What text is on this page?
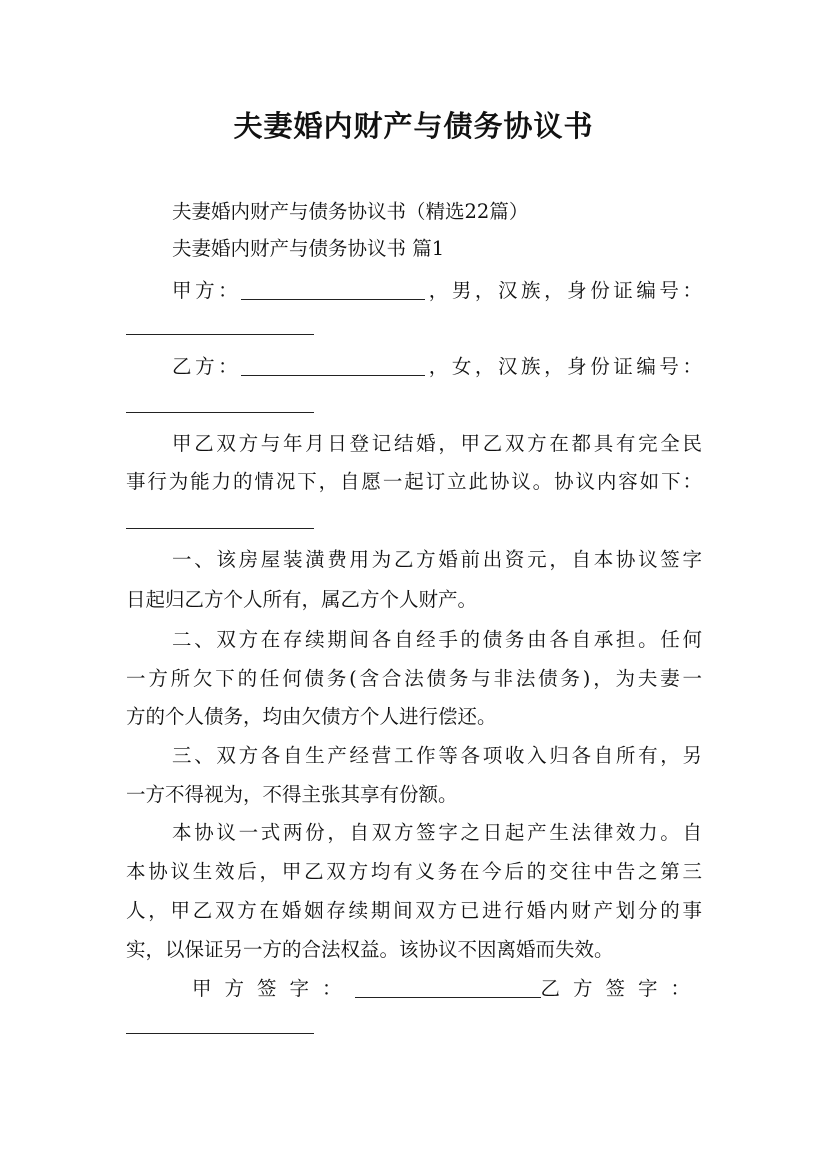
夫妻婚内财产与债务协议书
夫妻婚内财产与债务协议书（精选22篇）
夫妻婚内财产与债务协议书 篇1
甲方：	，男，汉族，身份证编号：
乙方：	，女，汉族，身份证编号：
甲乙双方与年月日登记结婚，甲乙双方在都具有完全民
事行为能力的情况下，自愿一起订立此协议。协议内容如下：
一、该房屋装潢费用为乙方婚前出资元，自本协议签字
日起归乙方个人所有，属乙方个人财产。
二、双方在存续期间各自经手的债务由各自承担。任何
一方所欠下的任何债务(含合法债务与非法债务)，为夫妻一
方的个人债务，均由欠债方个人进行偿还。
三、双方各自生产经营工作等各项收入归各自所有，另
一方不得视为，不得主张其享有份额。
本协议一式两份，自双方签字之日起产生法律效力。自
本协议生效后，甲乙双方均有义务在今后的交往中告之第三
人，甲乙双方在婚姻存续期间双方已进行婚内财产划分的事
实，以保证另一方的合法权益。该协议不因离婚而失效。
甲方签字：	乙方签字：
